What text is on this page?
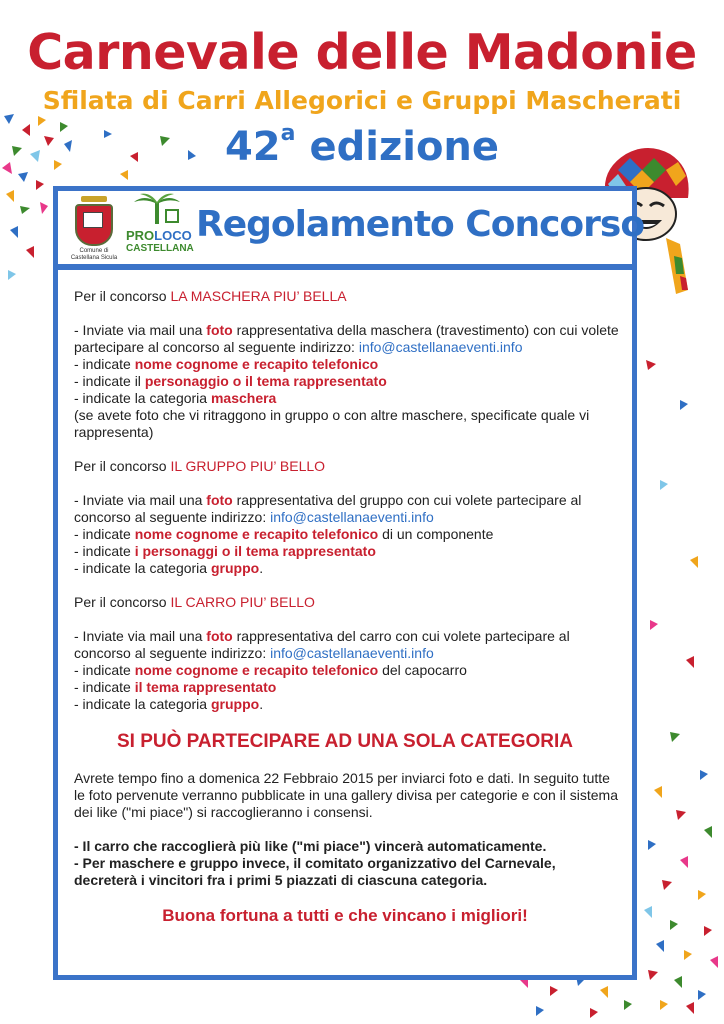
Carnevale delle Madonie
Sfilata di Carri Allegorici e Gruppi Mascherati
42$^a$ edizione
Comune di
Castellana Sicula
PROLOCO
CASTELLANA
Regolamento Concorso

Per il concorso LA MASCHERA PIU’ BELLA

- Inviate via mail una foto rappresentativa della maschera (travestimento) con cui volete partecipare al concorso al seguente indirizzo: info@castellanaeventi.info

- indicate nome cognome e recapito telefonico

- indicate il personaggio o il tema rappresentato

- indicate la categoria maschera

(se avete foto che vi ritraggono in gruppo o con altre maschere, specificate quale vi rappresenta)

Per il concorso IL GRUPPO PIU’ BELLO

- Inviate via mail una foto rappresentativa del gruppo con cui volete partecipare al concorso al seguente indirizzo: info@castellanaeventi.info

- indicate nome cognome e recapito telefonico di un componente

- indicate i personaggi o il tema rappresentato

- indicate la categoria gruppo.

Per il concorso IL CARRO PIU’ BELLO

- Inviate via mail una foto rappresentativa del carro con cui volete partecipare al concorso al seguente indirizzo: info@castellanaeventi.info

- indicate nome cognome e recapito telefonico del capocarro

- indicate il tema rappresentato

- indicate la categoria gruppo.

SI PUÒ PARTECIPARE AD UNA SOLA CATEGORIA

Avrete tempo fino a domenica 22 Febbraio 2015 per inviarci foto e dati. In seguito tutte le foto pervenute verranno pubblicate in una gallery divisa per categorie e con il sistema dei like ("mi piace") si raccoglieranno i consensi.

- Il carro che raccoglierà più like ("mi piace") vincerà automaticamente.

- Per maschere e gruppo invece, il comitato organizzativo del Carnevale, decreterà i vincitori fra i primi 5 piazzati di ciascuna categoria.

Buona fortuna a tutti e che vincano i migliori!
